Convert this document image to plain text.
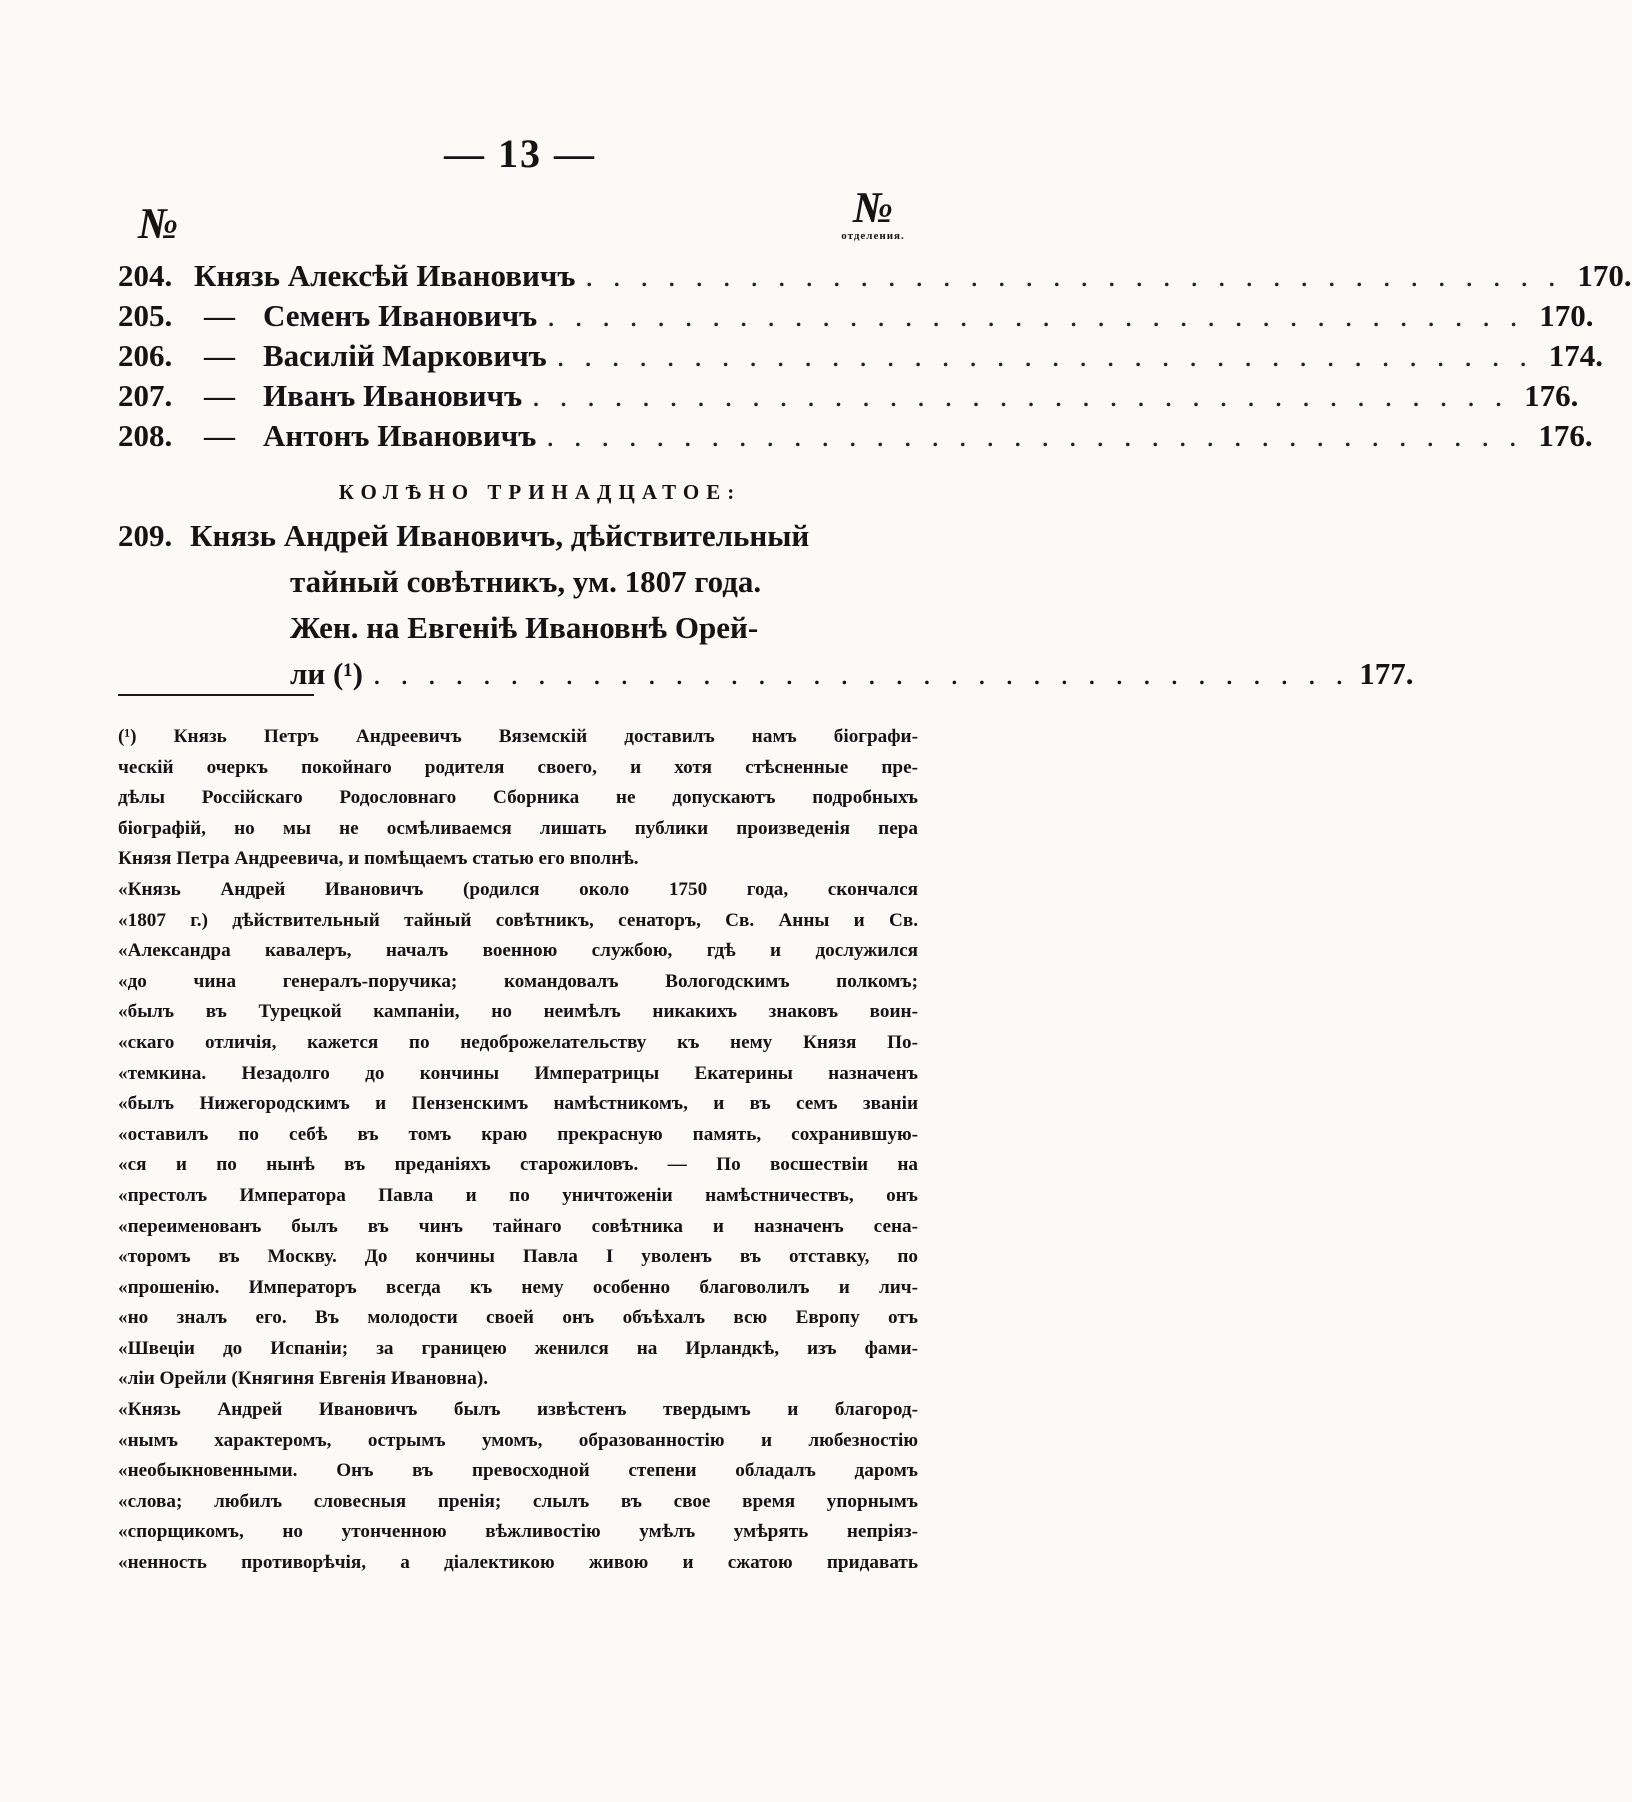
— 13 —
№	№
отделения.
204. Князь Алексѣй Ивановичъ . . . . . . . . . . . . . . . . . . . . . . . . . . . . . . . . . . . . 170.
205.	— Семенъ Ивановичъ . . . . . . . . . . . . . . . . . . . . . . . . . . . . . . . . . . . . 170.
206.	— Василій Марковичъ . . . . . . . . . . . . . . . . . . . . . . . . . . . . . . . . . . . . 174.
207.	— Иванъ Ивановичъ . . . . . . . . . . . . . . . . . . . . . . . . . . . . . . . . . . . . 176.
208.	— Антонъ Ивановичъ . . . . . . . . . . . . . . . . . . . . . . . . . . . . . . . . . . . . 176.
КОЛѢНО ТРИНАДЦАТОЕ:
209. Князь Андрей Ивановичъ, дѣйствительный
тайный совѣтникъ, ум. 1807 года.
Жен. на Евгеніѣ Ивановнѣ Орей-
ли (¹) . . . . . . . . . . . . . . . . . . . . . . . . . . . . . . . . . . . . 177.
(¹) Князь Петръ Андреевичъ Вяземскій доставилъ намъ біографи-
ческій очеркъ покойнаго родителя своего, и хотя стѣсненные пре-
дѣлы Россійскаго Родословнаго Сборника не допускаютъ подробныхъ
біографій, но мы не осмѣливаемся лишать публики произведенія пера
Князя Петра Андреевича, и помѣщаемъ статью его вполнѣ.
«Князь Андрей Ивановичъ (родился около 1750 года, скончался
«1807 г.) дѣйствительный тайный совѣтникъ, сенаторъ, Св. Анны и Св.
«Александра кавалеръ, началъ военною службою, гдѣ и дослужился
«до чина генералъ-поручика; командовалъ Вологодскимъ полкомъ;
«былъ въ Турецкой кампаніи, но неимѣлъ никакихъ знаковъ воин-
«скаго отличія, кажется по недоброжелательству къ нему Князя По-
«темкина. Незадолго до кончины Императрицы Екатерины назначенъ
«былъ Нижегородскимъ и Пензенскимъ намѣстникомъ, и въ семъ званіи
«оставилъ по себѣ въ томъ краю прекрасную память, сохранившую-
«ся и по нынѣ въ преданіяхъ старожиловъ. — По восшествіи на
«престолъ Императора Павла и по уничтоженіи намѣстничествъ, онъ
«переименованъ былъ въ чинъ тайнаго совѣтника и назначенъ сена-
«торомъ въ Москву. До кончины Павла I уволенъ въ отставку, по
«прошенію. Императоръ всегда къ нему особенно благоволилъ и лич-
«но зналъ его. Въ молодости своей онъ объѣхалъ всю Европу отъ
«Швеціи до Испаніи; за границею женился на Ирландкѣ, изъ фами-
«ліи Орейли (Княгиня Евгенія Ивановна).
«Князь Андрей Ивановичъ былъ извѣстенъ твердымъ и благород-
«нымъ характеромъ, острымъ умомъ, образованностію и любезностію
«необыкновенными. Онъ въ превосходной степени обладалъ даромъ
«слова; любилъ словесныя пренія; слылъ въ свое время упорнымъ
«спорщикомъ, но утонченною вѣжливостію умѣлъ умѣрять непріяз-
«ненность противорѣчія, а діалектикою живою и сжатою придавать
